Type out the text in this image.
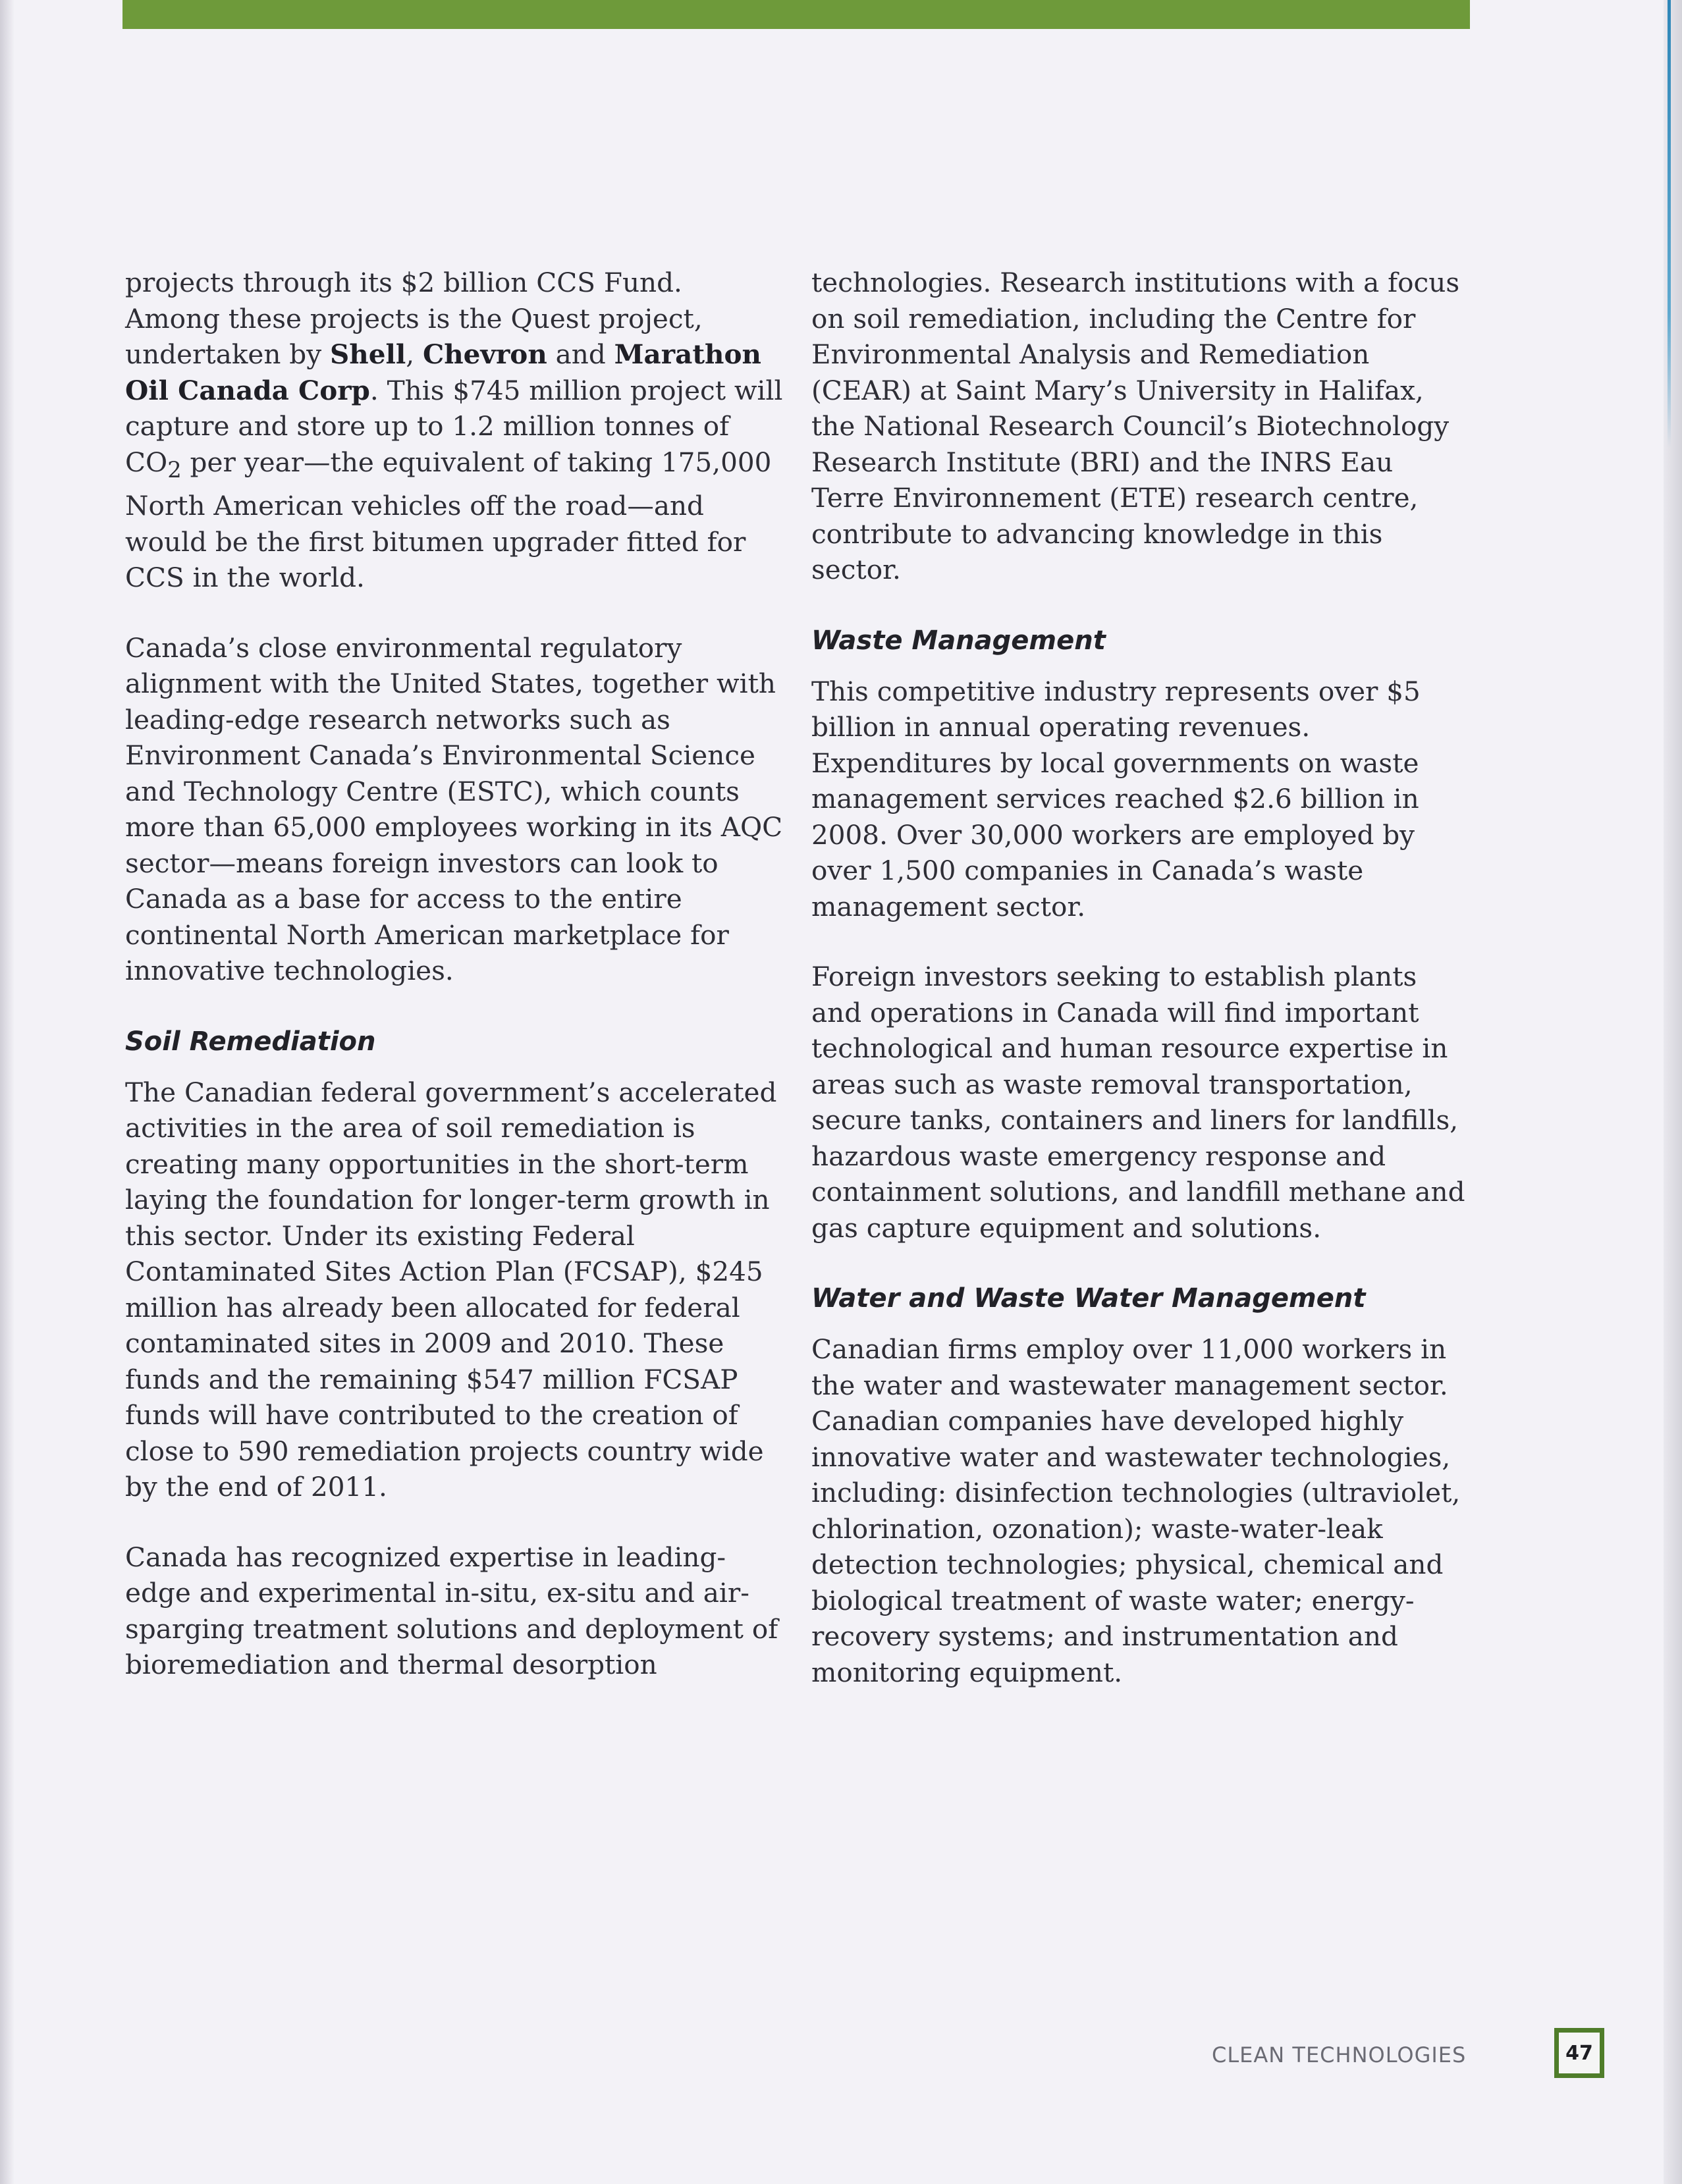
projects through its $2 billion CCS Fund. Among these projects is the Quest project, undertaken by Shell, Chevron and Marathon Oil Canada Corp. This $745 million project will capture and store up to 1.2 million tonnes of $CO_2$ per year—the equivalent of taking 175,000 North American vehicles off the road—and would be the first bitumen upgrader fitted for CCS in the world.

Canada’s close environmental regulatory alignment with the United States, together with leading-edge research networks such as Environment Canada’s Environmental Science and Technology Centre (ESTC), which counts more than 65,000 employees working in its AQC sector—means foreign investors can look to Canada as a base for access to the entire continental North American marketplace for innovative technologies.

Soil Remediation

The Canadian federal government’s accelerated activities in the area of soil remediation is creating many opportunities in the short-term laying the foundation for longer-term growth in this sector. Under its existing Federal Contaminated Sites Action Plan (FCSAP), $245 million has already been allocated for federal contaminated sites in 2009 and 2010. These funds and the remaining $547 million FCSAP funds will have contributed to the creation of close to 590 remediation projects country wide by the end of 2011.

Canada has recognized expertise in leading-edge and experimental in-situ, ex-situ and air-sparging treatment solutions and deployment of bioremediation and thermal desorption

technologies. Research institutions with a focus on soil remediation, including the Centre for Environmental Analysis and Remediation (CEAR) at Saint Mary’s University in Halifax, the National Research Council’s Biotechnology Research Institute (BRI) and the INRS Eau Terre Environnement (ETE) research centre, contribute to advancing knowledge in this sector.

Waste Management

This competitive industry represents over $5 billion in annual operating revenues. Expenditures by local governments on waste management services reached $2.6 billion in 2008. Over 30,000 workers are employed by over 1,500 companies in Canada’s waste management sector.

Foreign investors seeking to establish plants and operations in Canada will find important technological and human resource expertise in areas such as waste removal transportation, secure tanks, containers and liners for landfills, hazardous waste emergency response and containment solutions, and landfill methane and gas capture equipment and solutions.

Water and Waste Water Management

Canadian firms employ over 11,000 workers in the water and wastewater management sector. Canadian companies have developed highly innovative water and wastewater technologies, including: disinfection technologies (ultraviolet, chlorination, ozonation); waste-water-leak detection technologies; physical, chemical and biological treatment of waste water; energy-recovery systems; and instrumentation and monitoring equipment.

CLEAN TECHNOLOGIES	47
